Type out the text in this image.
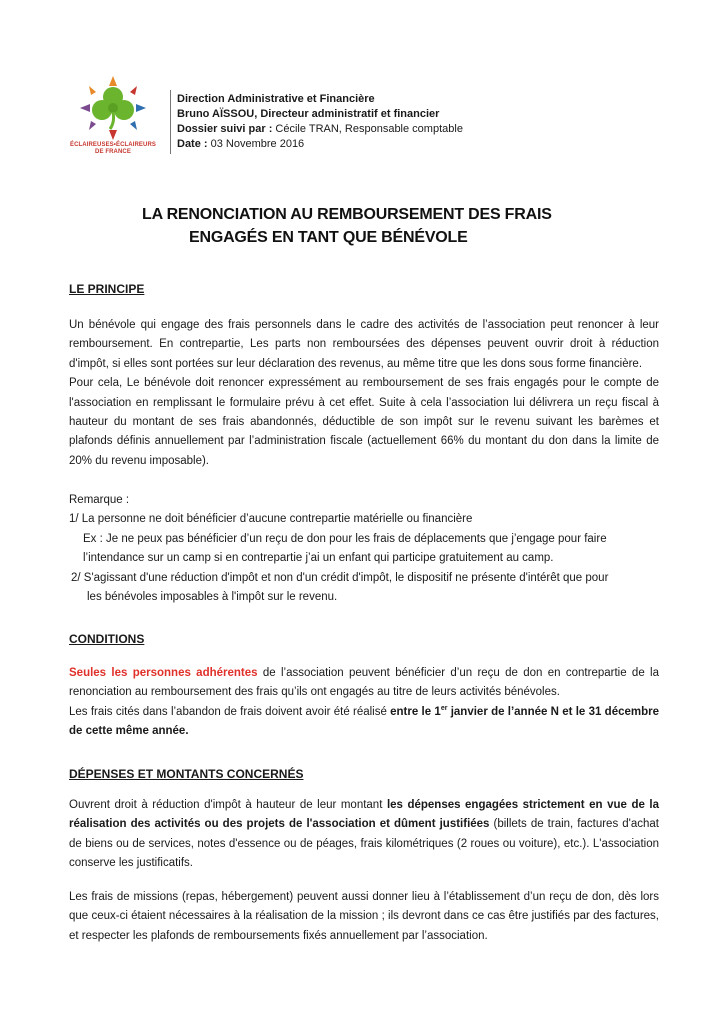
ÉCLAIREUSES•ÉCLAIREURS
DE FRANCE
Direction Administrative et Financière
Bruno AÏSSOU, Directeur administratif et financier
Dossier suivi par : Cécile TRAN, Responsable comptable
Date : 03 Novembre 2016
LA RENONCIATION AU REMBOURSEMENT DES FRAIS
ENGAGÉS EN TANT QUE BÉNÉVOLE
LE PRINCIPE

Un bénévole qui engage des frais personnels dans le cadre des activités de l’association peut renoncer à leur remboursement. En contrepartie, Les parts non remboursées des dépenses peuvent ouvrir droit à réduction d'impôt, si elles sont portées sur leur déclaration des revenus, au même titre que les dons sous forme financière.

Pour cela, Le bénévole doit renoncer expressément au remboursement de ses frais engagés pour le compte de l'association en remplissant le formulaire prévu à cet effet. Suite à cela l’association lui délivrera un reçu fiscal à hauteur du montant de ses frais abandonnés, déductible de son impôt sur le revenu suivant les barèmes et plafonds définis annuellement par l’administration fiscale (actuellement 66% du montant du don dans la limite de 20% du revenu imposable).

Remarque :

1/ La personne ne doit bénéficier d’aucune contrepartie matérielle ou financière

Ex : Je ne peux pas bénéficier d’un reçu de don pour les frais de déplacements que j’engage pour faire

l’intendance sur un camp si en contrepartie j’ai un enfant qui participe gratuitement au camp.

2/ S'agissant d'une réduction d'impôt et non d'un crédit d'impôt, le dispositif ne présente d'intérêt que pour

les bénévoles imposables à l'impôt sur le revenu.

CONDITIONS

Seules les personnes adhérentes de l’association peuvent bénéficier d’un reçu de don en contrepartie de la renonciation au remboursement des frais qu’ils ont engagés au titre de leurs activités bénévoles.

Les frais cités dans l’abandon de frais doivent avoir été réalisé entre le 1er janvier de l’année N et le 31 décembre de cette même année.

DÉPENSES ET MONTANTS CONCERNÉS

Ouvrent droit à réduction d'impôt à hauteur de leur montant les dépenses engagées strictement en vue de la réalisation des activités ou des projets de l'association et dûment justifiées (billets de train, factures d'achat de biens ou de services, notes d'essence ou de péages, frais kilométriques (2 roues ou voiture), etc.). L'association conserve les justificatifs.

Les frais de missions (repas, hébergement) peuvent aussi donner lieu à l’établissement d’un reçu de don, dès lors que ceux-ci étaient nécessaires à la réalisation de la mission ; ils devront dans ce cas être justifiés par des factures, et respecter les plafonds de remboursements fixés annuellement par l’association.
